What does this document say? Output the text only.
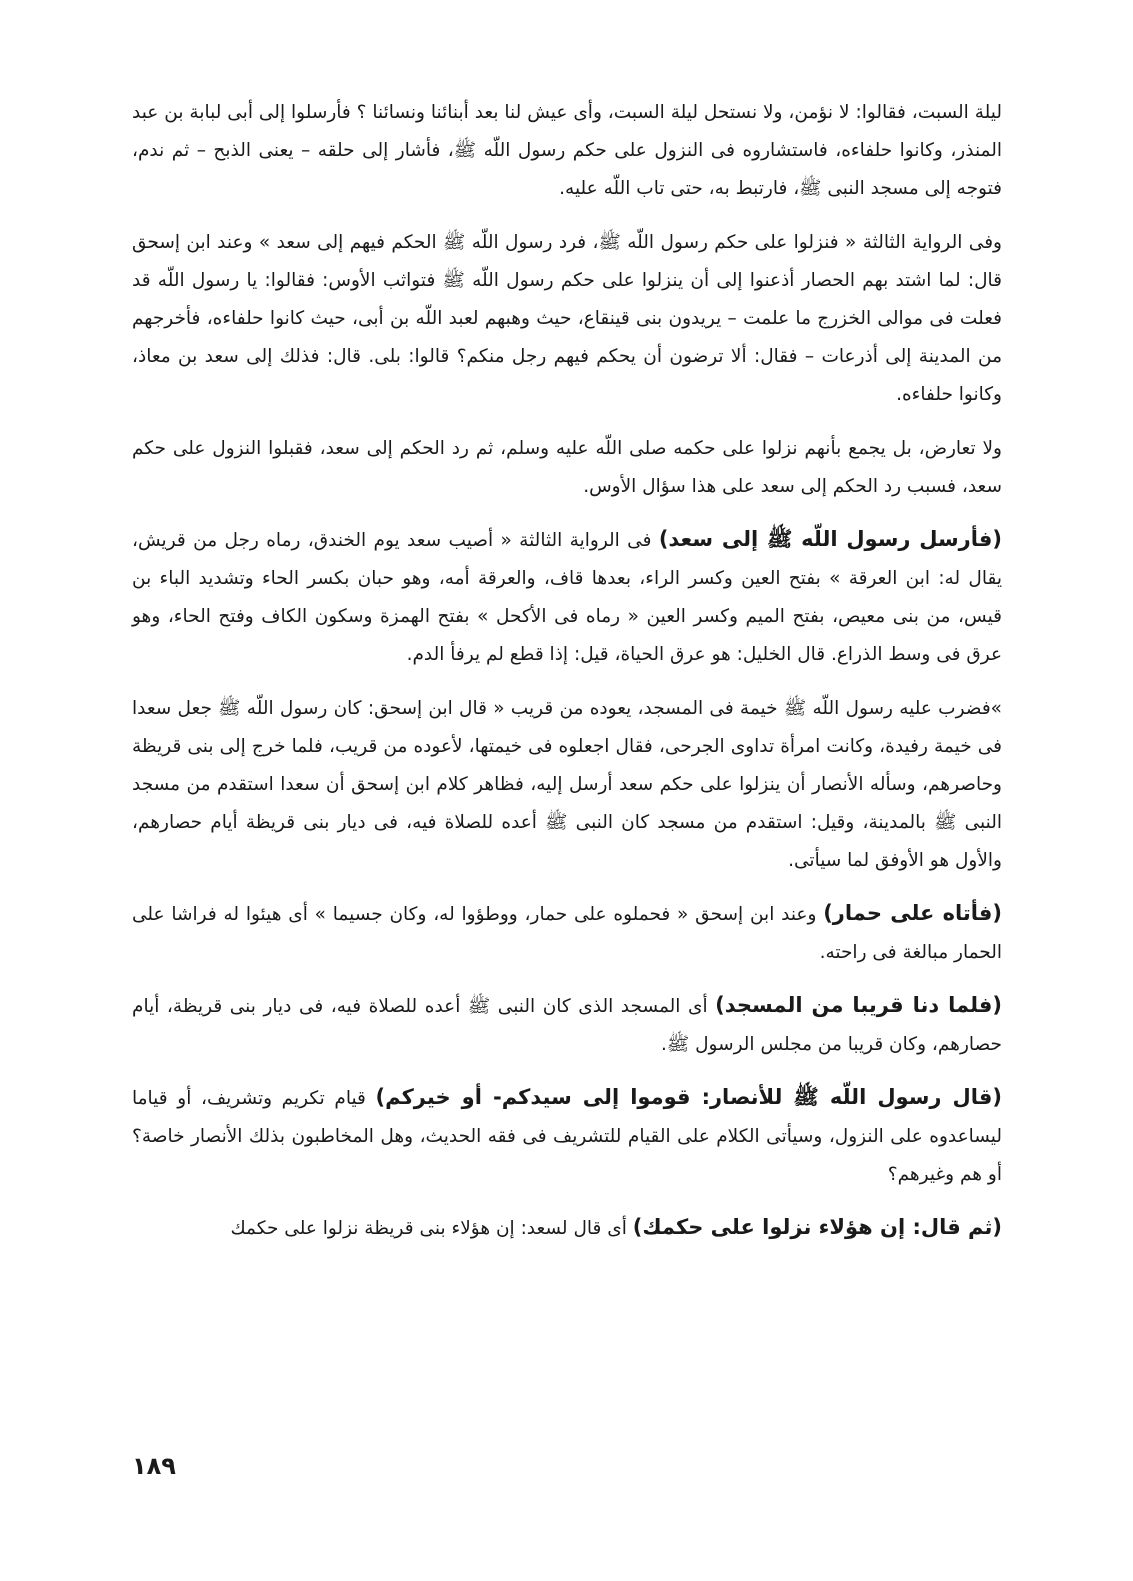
ليلة السبت، فقالوا: لا نؤمن، ولا نستحل ليلة السبت، وأى عيش لنا بعد أبنائنا ونسائنا ؟ فأرسلوا إلى أبى لبابة بن عبد المنذر، وكانوا حلفاءه، فاستشاروه فى النزول على حكم رسول اللّه ﷺ، فأشار إلى حلقه – يعنى الذبح – ثم ندم، فتوجه إلى مسجد النبى ﷺ، فارتبط به، حتى تاب اللّه عليه.

وفى الرواية الثالثة « فنزلوا على حكم رسول اللّه ﷺ، فرد رسول اللّه ﷺ الحكم فيهم إلى سعد » وعند ابن إسحق قال: لما اشتد بهم الحصار أذعنوا إلى أن ينزلوا على حكم رسول اللّه ﷺ فتواثب الأوس: فقالوا: يا رسول اللّه قد فعلت فى موالى الخزرج ما علمت – يريدون بنى قينقاع، حيث وهبهم لعبد اللّه بن أبى، حيث كانوا حلفاءه، فأخرجهم من المدينة إلى أذرعات – فقال: ألا ترضون أن يحكم فيهم رجل منكم؟ قالوا: بلى. قال: فذلك إلى سعد بن معاذ، وكانوا حلفاءه.

ولا تعارض، بل يجمع بأنهم نزلوا على حكمه صلى اللّه عليه وسلم، ثم رد الحكم إلى سعد، فقبلوا النزول على حكم سعد، فسبب رد الحكم إلى سعد على هذا سؤال الأوس.

(فأرسل رسول اللّه ﷺ إلى سعد) فى الرواية الثالثة « أصيب سعد يوم الخندق، رماه رجل من قريش، يقال له: ابن العرقة » بفتح العين وكسر الراء، بعدها قاف، والعرقة أمه، وهو حبان بكسر الحاء وتشديد الباء بن قيس، من بنى معيص، بفتح الميم وكسر العين « رماه فى الأكحل » بفتح الهمزة وسكون الكاف وفتح الحاء، وهو عرق فى وسط الذراع. قال الخليل: هو عرق الحياة، قيل: إذا قطع لم يرفأ الدم.

»فضرب عليه رسول اللّه ﷺ خيمة فى المسجد، يعوده من قريب « قال ابن إسحق: كان رسول اللّه ﷺ جعل سعدا فى خيمة رفيدة، وكانت امرأة تداوى الجرحى، فقال اجعلوه فى خيمتها، لأعوده من قريب، فلما خرج إلى بنى قريظة وحاصرهم، وسأله الأنصار أن ينزلوا على حكم سعد أرسل إليه، فظاهر كلام ابن إسحق أن سعدا استقدم من مسجد النبى ﷺ بالمدينة، وقيل: استقدم من مسجد كان النبى ﷺ أعده للصلاة فيه، فى ديار بنى قريظة أيام حصارهم، والأول هو الأوفق لما سيأتى.

(فأتاه على حمار) وعند ابن إسحق « فحملوه على حمار، ووطؤوا له، وكان جسيما » أى هيئوا له فراشا على الحمار مبالغة فى راحته.

(فلما دنا قريبا من المسجد) أى المسجد الذى كان النبى ﷺ أعده للصلاة فيه، فى ديار بنى قريظة، أيام حصارهم، وكان قريبا من مجلس الرسول ﷺ.

(قال رسول اللّه ﷺ للأنصار: قوموا إلى سيدكم- أو خيركم) قيام تكريم وتشريف، أو قياما ليساعدوه على النزول، وسيأتى الكلام على القيام للتشريف فى فقه الحديث، وهل المخاطبون بذلك الأنصار خاصة؟ أو هم وغيرهم؟

(ثم قال: إن هؤلاء نزلوا على حكمك) أى قال لسعد: إن هؤلاء بنى قريظة نزلوا على حكمك

١٨٩
